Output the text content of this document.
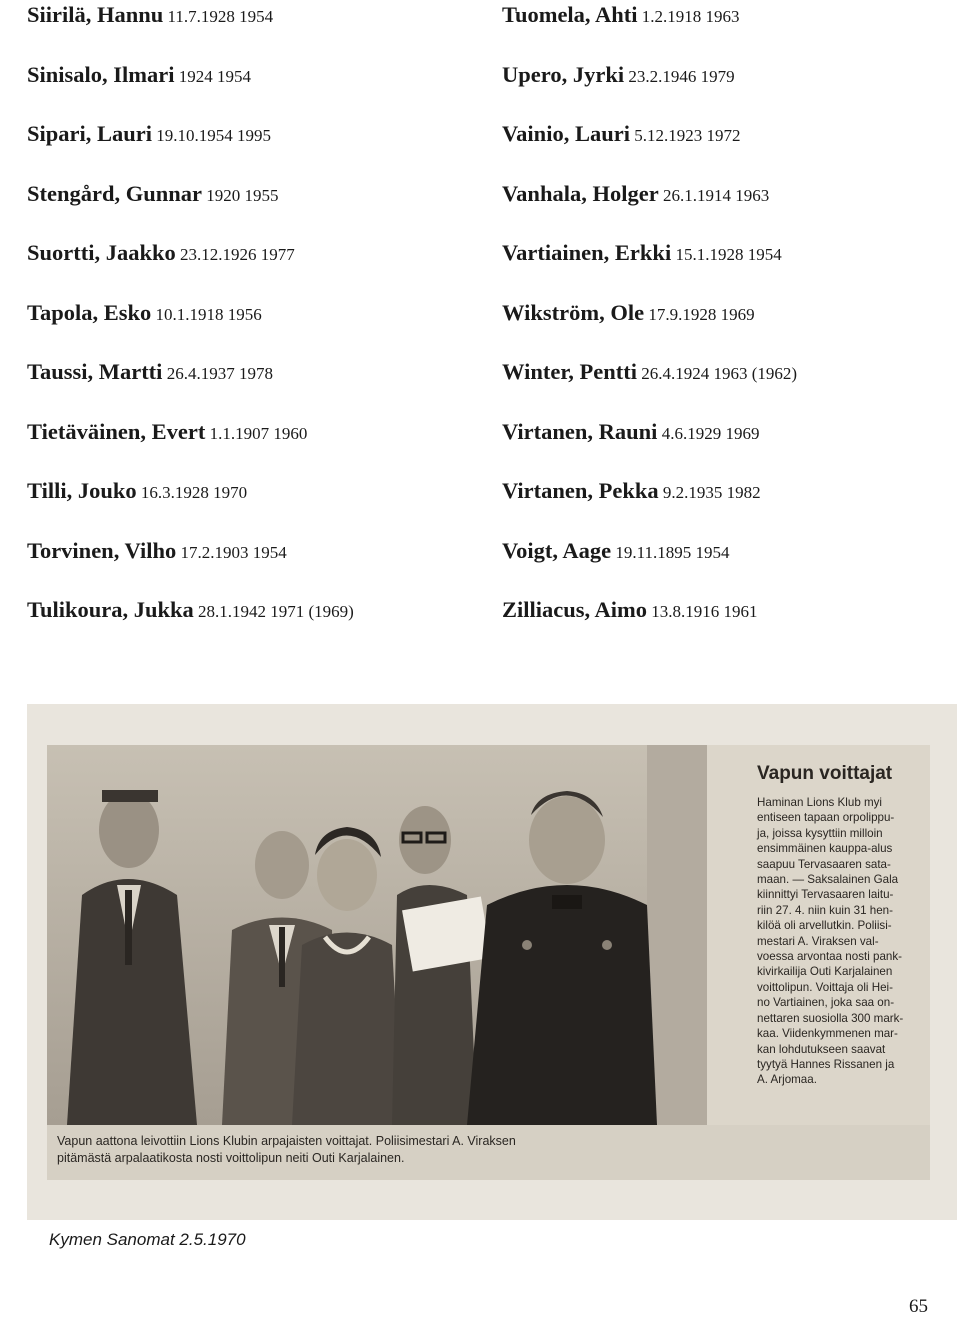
Siirilä, Hannu 11.7.1928 1954
Sinisalo, Ilmari 1924 1954
Sipari, Lauri 19.10.1954 1995
Stengård, Gunnar 1920 1955
Suortti, Jaakko 23.12.1926 1977
Tapola, Esko 10.1.1918 1956
Taussi, Martti 26.4.1937 1978
Tietäväinen, Evert 1.1.1907 1960
Tilli, Jouko 16.3.1928 1970
Torvinen, Vilho 17.2.1903 1954
Tulikoura, Jukka 28.1.1942 1971 (1969)
Tuomela, Ahti 1.2.1918 1963
Upero, Jyrki 23.2.1946 1979
Vainio, Lauri 5.12.1923 1972
Vanhala, Holger 26.1.1914 1963
Vartiainen, Erkki 15.1.1928 1954
Wikström, Ole 17.9.1928 1969
Winter, Pentti 26.4.1924 1963 (1962)
Virtanen, Rauni 4.6.1929 1969
Virtanen, Pekka 9.2.1935 1982
Voigt, Aage 19.11.1895 1954
Zilliacus, Aimo 13.8.1916 1961
Vapun voittajat
Haminan Lions Klub myi
entiseen tapaan orpolippu-
ja, joissa kysyttiin milloin
ensimmäinen kauppa-alus
saapuu Tervasaaren sata-
maan. — Saksalainen Gala
kiinnittyi Tervasaaren laitu-
riin 27. 4. niin kuin 31 hen-
kilöä oli arvellutkin. Poliisi-
mestari A. Viraksen val-
voessa arvontaa nosti pank-
kivirkailija Outi Karjalainen
voittolipun. Voittaja oli Hei-
no Vartiainen, joka saa on-
nettaren suosiolla 300 mark-
kaa. Viidenkymmenen mar-
kan lohdutukseen saavat
tyytyä Hannes Rissanen ja
A. Arjomaa.
Vapun aattona leivottiin Lions Klubin arpajaisten voittajat. Poliisimestari A. Viraksen
pitämästä arpalaatikosta nosti voittolipun neiti Outi Karjalainen.
Kymen Sanomat 2.5.1970
65
